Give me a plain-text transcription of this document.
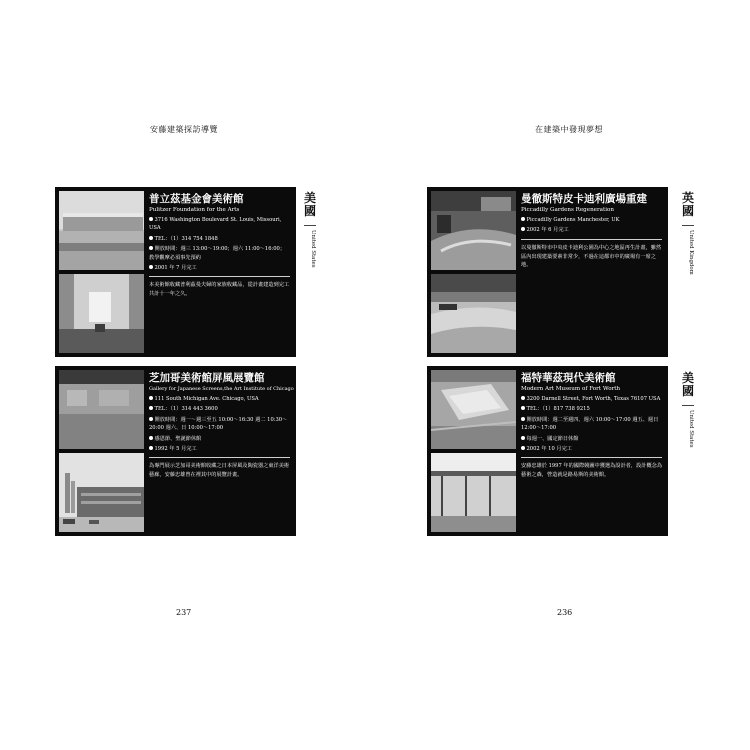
安藤建築探訪導覽
普立茲基金會美術館
Pulitzer Foundation for the Arts
3716 Washington Boulevard St. Louis, Missouri, USA
TEL：（1）314 754 1848
開放時間：週三 13:00～19:00；週六 11:00～16:00；教學觀摩必須事先預約
2001 年 7 月完工
本美術館收藏普利茲曼夫婦的家族收藏品，從計畫建造到完工共計十一年之久。
芝加哥美術館屏風展覽館
Gallery for Japanese Screens,the Art Institute of Chicago
111 South Michigan Ave. Chicago, USA
TEL：（1）314 443 3600
開放時間：週一～週三至五 10:00～16:30 週二 10:30～20:00 週六、日 10:00～17:00
感恩節、聖誕節休館
1992 年 5 月完工
為專門展示芝加哥美術館收藏之日本屏風及陶瓷器之東洋美術藝廊，安藤忠雄曾在裡其中的展覽計畫。
美
國
United States
237
在建築中發現夢想
曼徹斯特皮卡迪利廣場重建
Piccadilly Gardens Regeneration
Piccadilly Gardens Manchester, UK
2002 年 6 月完工
以曼徹斯特市中央皮卡迪利公園為中心之地區再生計畫，雖然區內出現建築要素非常少，不過在這都市中的廣場有一席之地。
福特華茲現代美術館
Modern Art Museum of Fort Worth
3200 Darnell Street, Fort Worth, Texas 76107 USA
TEL：（1）817 738 9215
開放時間：週二至週四、週六 10:00～17:00 週五、週日 12:00～17:00
每週一、國定節日休館
2002 年 10 月完工
安藤忠雄於 1997 年的國際競圖中獲選為設計者，設計概念為藝術之森，營造就是路易斯的美術館。
英
國
United Kingdom
美
國
United States
236
